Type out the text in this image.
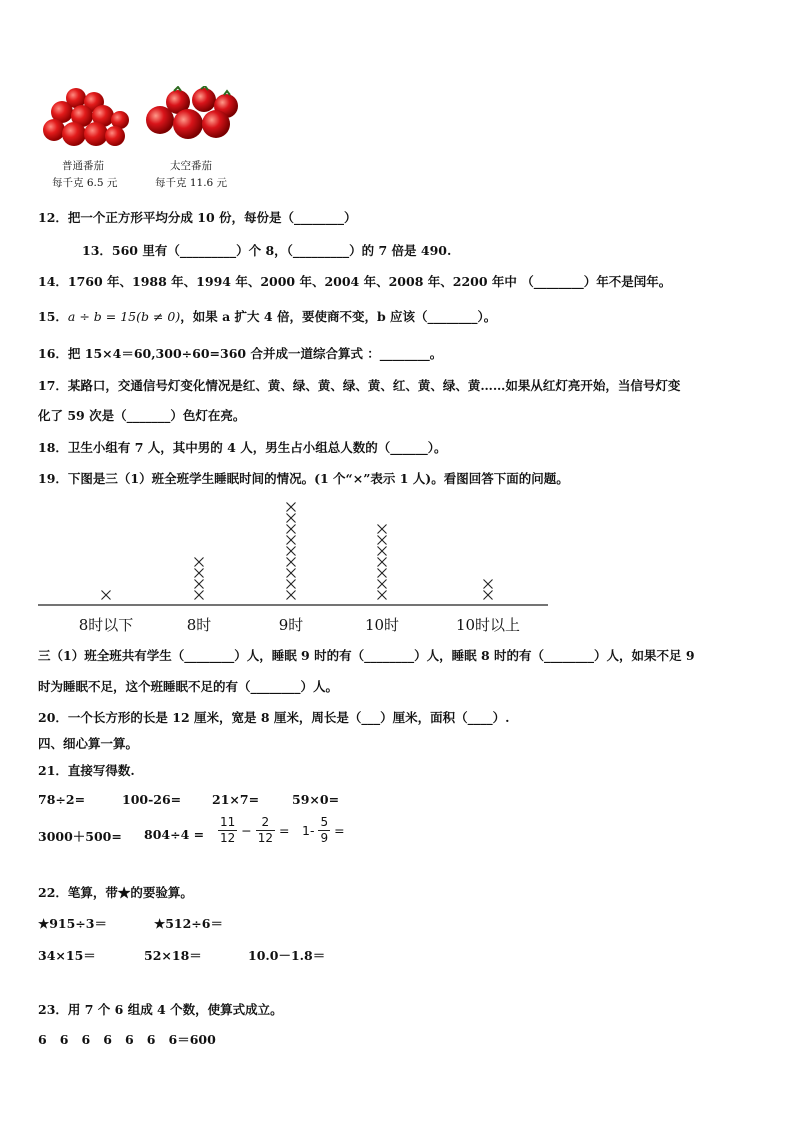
普通番茄
每千克 6.5 元
太空番茄
每千克 11.6 元
12．把一个正方形平均分成 10 份，每份是（________）
13．560 里有（_________）个 8，（_________）的 7 倍是 490.
14．1760 年、1988 年、1994 年、2000 年、2004 年、2008 年、2200 年中 （________）年不是闰年。
15．a ÷ b = 15(b ≠ 0)，如果 a 扩大 4 倍，要使商不变，b 应该（________）。
16．把 15×4＝60,300÷60=360 合并成一道综合算式 ：________。
17．某路口，交通信号灯变化情况是红、黄、绿、黄、绿、黄、红、黄、绿、黄……如果从红灯亮开始，当信号灯变
化了 59 次是（_______）色灯在亮。
18．卫生小组有 7 人，其中男的 4 人，男生占小组总人数的（______）。
19．下图是三（1）班全班学生睡眠时间的情况。(1 个“×”表示 1 人)。看图回答下面的问题。
8时以下	8时	9时	10时	10时以上
三（1）班全班共有学生（________）人，睡眠 9 时的有（________）人，睡眠 8 时的有（________）人，如果不足 9
时为睡眠不足，这个班睡眠不足的有（________）人。
20．一个长方形的长是 12 厘米，宽是 8 厘米，周长是（___）厘米，面积（____）.
四、细心算一算。
21．直接写得数.
78÷2=	100-26= 21×7=	59×0=
$3000+500= 804\div 4 = \frac{11}{12} - \frac{2}{12} = 1- \frac{5}{9}$ =
22．笔算，带★的要验算。
★915÷3＝	★512÷6＝
34×15＝	52×18＝	10.0－1.8＝
23．用 7 个 6 组成 4 个数，使算式成立。
6   6   6   6   6   6   6＝600
